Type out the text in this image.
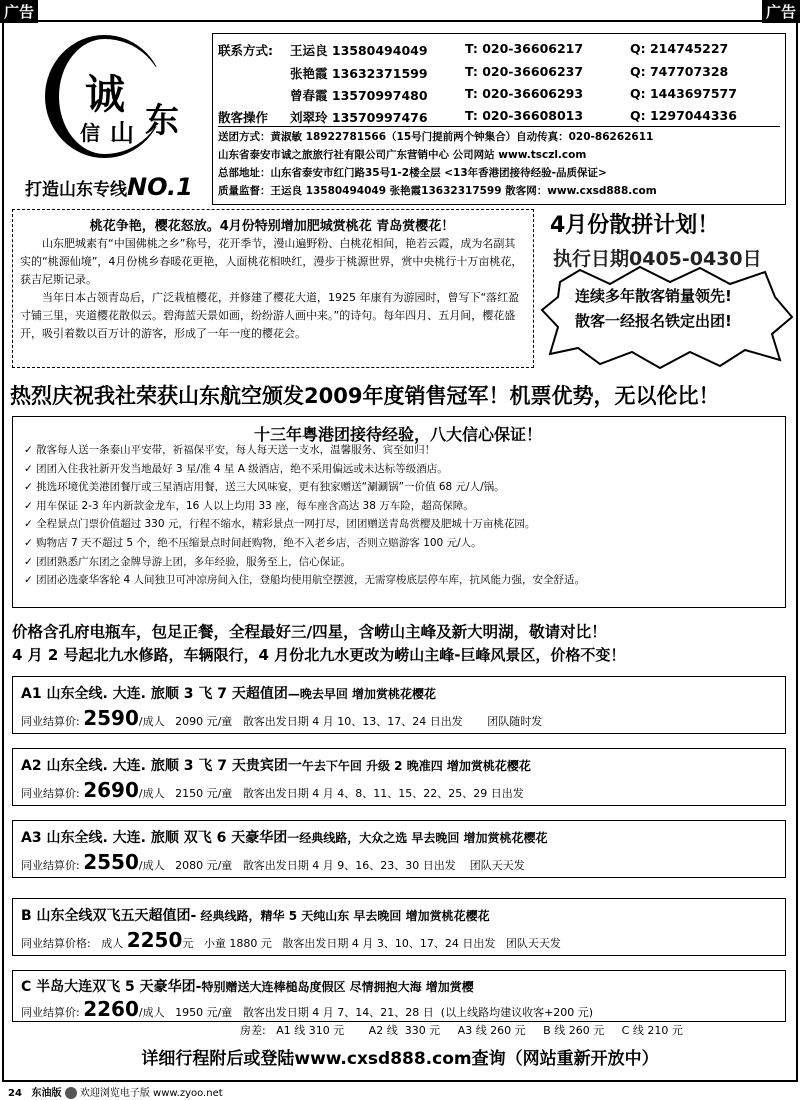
广告	广告
诚
信 山 东
打造山东专线NO.1
联系方式: 王运良 13580494049	T: 020-36606217	Q: 214745227
张艳霞 13632371599	T: 020-36606237	Q: 747707328
曾春霞 13570997480	T: 020-36606293	Q: 1443697577
散客操作 刘翠玲 13570997476	T: 020-36608013	Q: 1297044336
送团方式：黄淑敏 18922781566（15号门提前两个钟集合）自动传真：020-86262611
山东省泰安市诚之旅旅行社有限公司广东营销中心 公司网站 www.tsczl.com
总部地址：山东省泰安市红门路35号1-2楼全层 <13年香港团接待经验-品质保证>
质量监督：王运良 13580494049 张艳霞13632317599 散客网：www.cxsd888.com
桃花争艳，樱花怒放。4月份特别增加肥城赏桃花 青岛赏樱花！
山东肥城素有“中国佛桃之乡”称号，花开季节，漫山遍野粉、白桃花相间，艳若云霞，成为名副其实的“桃源仙境”，4月份桃乡春暖花更艳，人面桃花相映红，漫步于桃源世界，赏中央桃行十万亩桃花，获吉尼斯记录。
当年日本占领青岛后，广泛栽植樱花，并修建了樱花大道，1925 年康有为游园时，曾写下“落红盈寸铺三里，夹道樱花散似云。碧海蓝天景如画，纷纷游人画中来。”的诗句。每年四月、五月间，樱花盛开，吸引着数以百万计的游客，形成了一年一度的樱花会。
4月份散拼计划！
执行日期0405-0430日
连续多年散客销量领先!
散客一经报名铁定出团!
热烈庆祝我社荣获山东航空颁发2009年度销售冠军！机票优势，无以伦比！
十三年粤港团接待经验，八大信心保证！
✓ 散客每人送一条泰山平安带，祈福保平安，每人每天送一支水，温馨服务、宾至如归！
✓ 团团入住我社新开发当地最好 3 星/准 4 星 A 级酒店，绝不采用偏远或未达标等级酒店。
✓ 挑选环境优美港团餐厅或三星酒店用餐，送三大风味宴，更有独家赠送“涮涮锅”一价值 68 元/人/锅。
✓ 用车保证 2-3 年内新款金龙车，16 人以上均用 33 座，每车座含高达 38 万车险，超高保障。
✓ 全程景点门票价值超过 330 元，行程不缩水，精彩景点一网打尽，团团赠送青岛赏樱及肥城十万亩桃花园。
✓ 购物店 7 天不超过 5 个，绝不压缩景点时间赶购物，绝不入老乡店，否则立赔游客 100 元/人。
✓ 团团熟悉广东团之金牌导游上团，多年经验，服务至上，信心保证。
✓ 团团必选豪华客轮 4 人间独卫可冲凉房间入住，登船均使用航空摆渡，无需穿梭底层停车库，抗风能力强，安全舒适。
价格含孔府电瓶车，包足正餐，全程最好三/四星，含崂山主峰及新大明湖，敬请对比！
4 月 2 号起北九水修路，车辆限行，4 月份北九水更改为崂山主峰-巨峰风景区，价格不变！
A1 山东全线. 大连. 旅顺 3 飞 7 天超值团—晚去早回 增加赏桃花樱花
同业结算价: 2590/成人 2090 元/童 散客出发日期 4 月 10、13、17、24 日出发 团队随时发
A2 山东全线. 大连. 旅顺 3 飞 7 天贵宾团一午去下午回 升级 2 晚准四 增加赏桃花樱花
同业结算价: 2690/成人 2150 元/童 散客出发日期 4 月 4、8、11、15、22、25、29 日出发
A3 山东全线. 大连. 旅顺 双飞 6 天豪华团一经典线路，大众之选 早去晚回 增加赏桃花樱花
同业结算价: 2550/成人 2080 元/童 散客出发日期 4 月 9、16、23、30 日出发 团队天天发
B 山东全线双飞五天超值团- 经典线路，精华 5 天纯山东 早去晚回 增加赏桃花樱花
同业结算价格: 成人 2250元 小童 1880 元 散客出发日期 4 月 3、10、17、24 日出发 团队天天发
C 半岛大连双飞 5 天豪华团-特别赠送大连棒槌岛度假区 尽情拥抱大海 增加赏樱
同业结算价: 2260/成人 1950 元/童 散客出发日期 4 月 7、14、21、28 日 (以上线路均建议收客+200 元)
房差:   A1 线 310 元       A2 线  330 元     A3 线 260 元     B 线 260 元     C 线 210 元
详细行程附后或登陆www.cxsd888.com查询（网站重新开放中）
24 东油版 欢迎浏览电子版 www.zyoo.net
